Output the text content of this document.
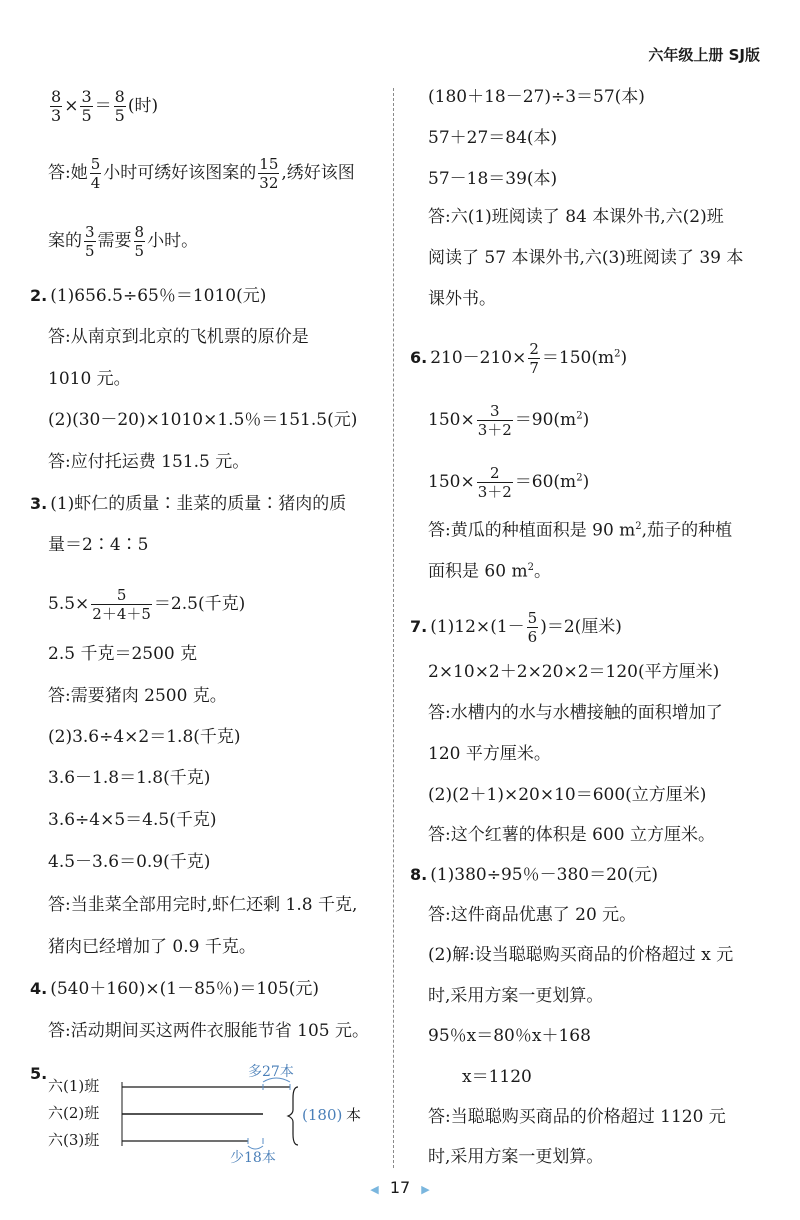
六年级上册 SJ版
$\frac{8}{3} \times \frac{3}{5} = \frac{8}{5}$ (时)
答:她 $\frac{5}{4}$ 小时可绣好该图案的 $\frac{15}{32}$ ,绣好该图
案的 $\frac{3}{5}$ 需要 $\frac{8}{5}$ 小时。
2. (1)656.5÷65％＝1010(元)
答:从南京到北京的飞机票的原价是
1010 元。
(2)(30－20)×1010×1.5％＝151.5(元)
答:应付托运费 151.5 元。
3. (1)虾仁的质量∶韭菜的质量∶猪肉的质
量＝2∶4∶5
$5.5\times \frac{5}{2+4+5} =2.5$(千克)
2.5 千克＝2500 克
答:需要猪肉 2500 克。
(2)3.6÷4×2＝1.8(千克)
3.6－1.8＝1.8(千克)
3.6÷4×5＝4.5(千克)
4.5－3.6＝0.9(千克)
答:当韭菜全部用完时,虾仁还剩 1.8 千克,
猪肉已经增加了 0.9 千克。
4. (540＋160)×(1－85％)＝105(元)
答:活动期间买这两件衣服能节省 105 元。
5.
六(1)班
六(2)班
六(3)班
多27本
少18本
(180) 本
(180＋18－27)÷3＝57(本)
57＋27＝84(本)
57－18＝39(本)
答:六(1)班阅读了 84 本课外书,六(2)班
阅读了 57 本课外书,六(3)班阅读了 39 本
课外书。
6. $210-210\times \frac{2}{7} =150(m^2)$
$150\times \frac{3}{3+2} =90(m^2)$
$150\times \frac{2}{3+2} =60(m^2)$
答:黄瓜的种植面积是 90 $m^2$,茄子的种植
面积是 60 $m^2$。
7. $(1)12\times(1- \frac{5}{6} )=2$(厘米)
2×10×2＋2×20×2＝120(平方厘米)
答:水槽内的水与水槽接触的面积增加了
120 平方厘米。
(2)(2＋1)×20×10＝600(立方厘米)
答:这个红薯的体积是 600 立方厘米。
8. (1)380÷95％－380＝20(元)
答:这件商品优惠了 20 元。
(2)解:设当聪聪购买商品的价格超过 x 元
时,采用方案一更划算。
95％x＝80％x＋168
x＝1120
答:当聪聪购买商品的价格超过 1120 元
时,采用方案一更划算。
◀ 17 ▶
